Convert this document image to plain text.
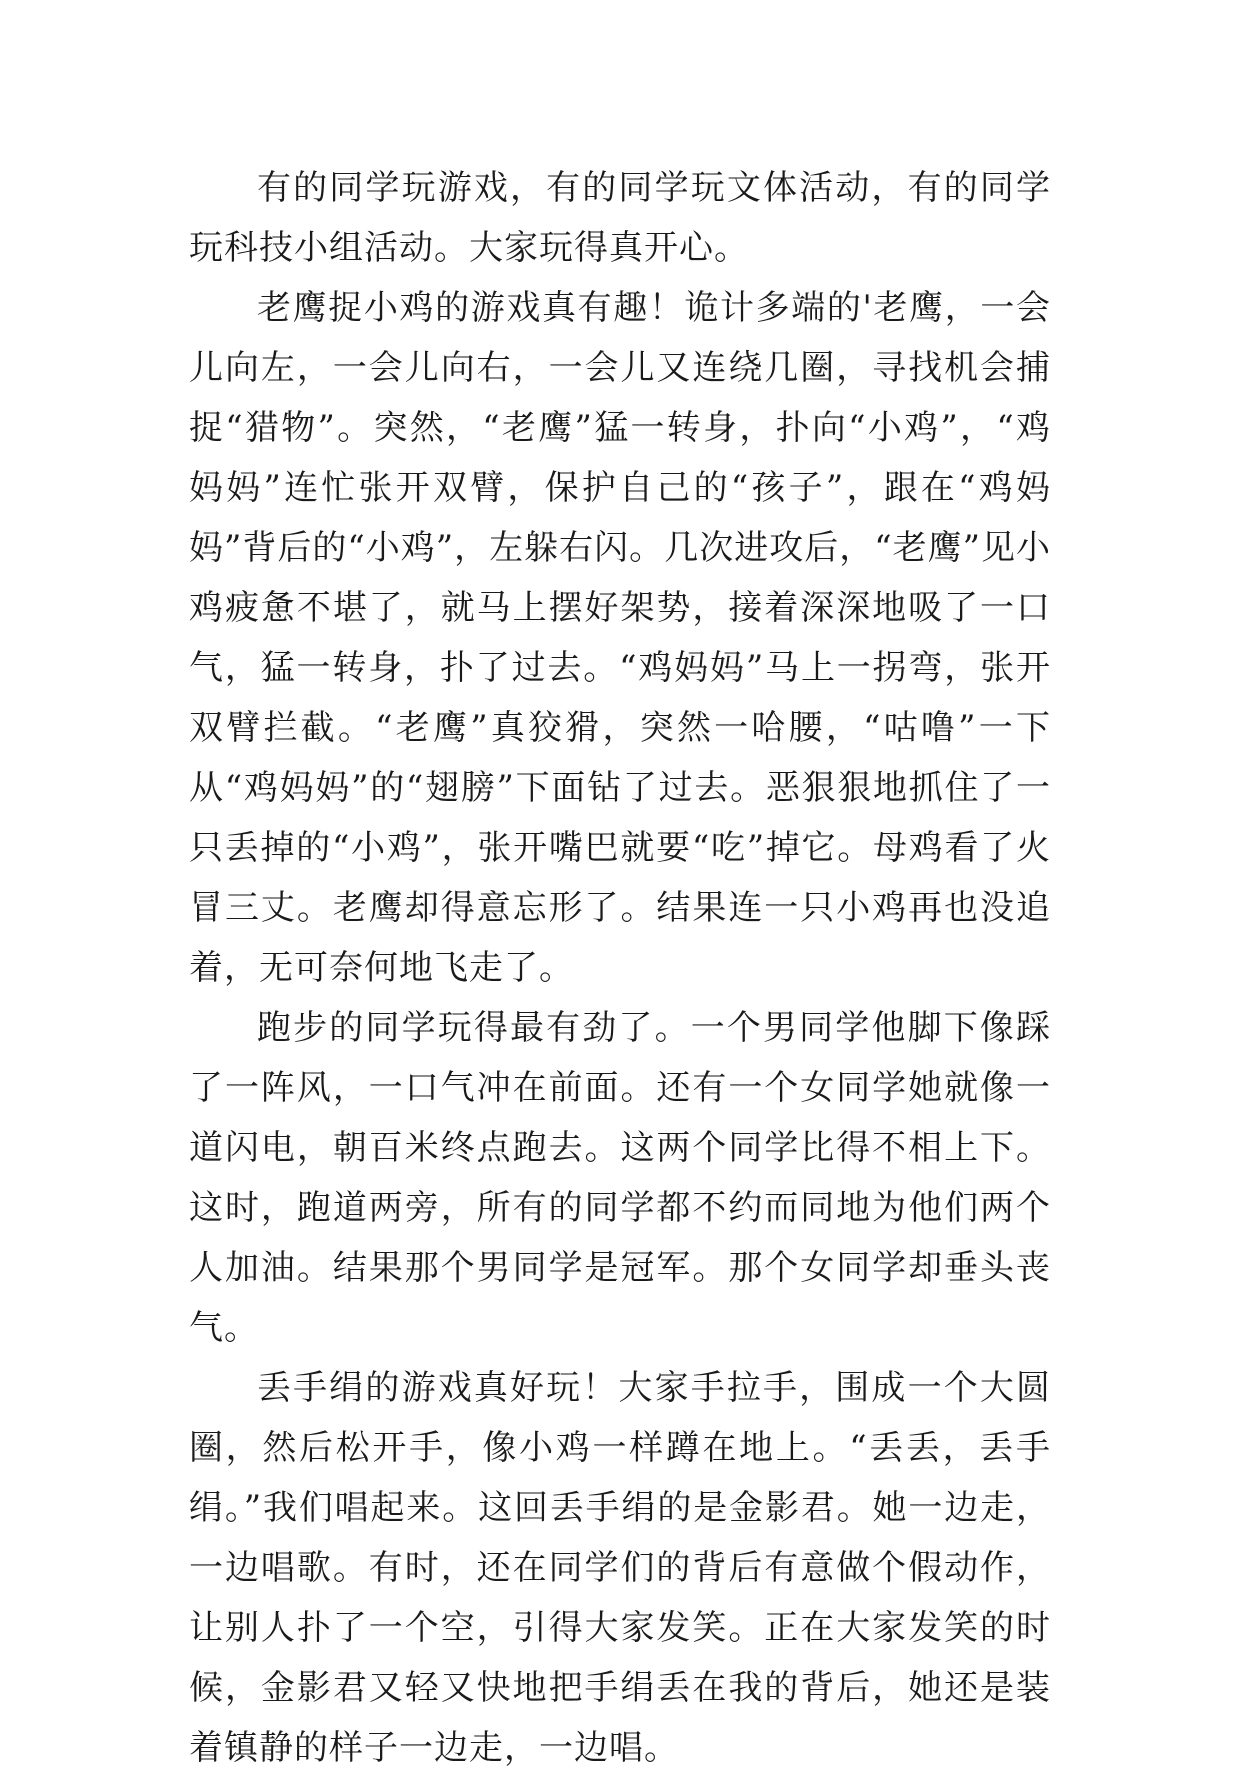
有的同学玩游戏，有的同学玩文体活动，有的同学玩科技小组活动。大家玩得真开心。

老鹰捉小鸡的游戏真有趣！诡计多端的'老鹰，一会儿向左，一会儿向右，一会儿又连绕几圈，寻找机会捕捉“猎物”。突然，“老鹰”猛一转身，扑向“小鸡”，“鸡妈妈”连忙张开双臂，保护自己的“孩子”，跟在“鸡妈妈”背后的“小鸡”，左躲右闪。几次进攻后，“老鹰”见小鸡疲惫不堪了，就马上摆好架势，接着深深地吸了一口气，猛一转身，扑了过去。“鸡妈妈”马上一拐弯，张开双臂拦截。“老鹰”真狡猾，突然一哈腰，“咕噜”一下从“鸡妈妈”的“翅膀”下面钻了过去。恶狠狠地抓住了一只丢掉的“小鸡”，张开嘴巴就要“吃”掉它。母鸡看了火冒三丈。老鹰却得意忘形了。结果连一只小鸡再也没追着，无可奈何地飞走了。

跑步的同学玩得最有劲了。一个男同学他脚下像踩了一阵风，一口气冲在前面。还有一个女同学她就像一道闪电，朝百米终点跑去。这两个同学比得不相上下。这时，跑道两旁，所有的同学都不约而同地为他们两个人加油。结果那个男同学是冠军。那个女同学却垂头丧气。

丢手绢的游戏真好玩！大家手拉手，围成一个大圆圈，然后松开手，像小鸡一样蹲在地上。“丢丢，丢手绢。”我们唱起来。这回丢手绢的是金影君。她一边走，一边唱歌。有时，还在同学们的背后有意做个假动作，让别人扑了一个空，引得大家发笑。正在大家发笑的时候，金影君又轻又快地把手绢丢在我的背后，她还是装着镇静的样子一边走，一边唱。
